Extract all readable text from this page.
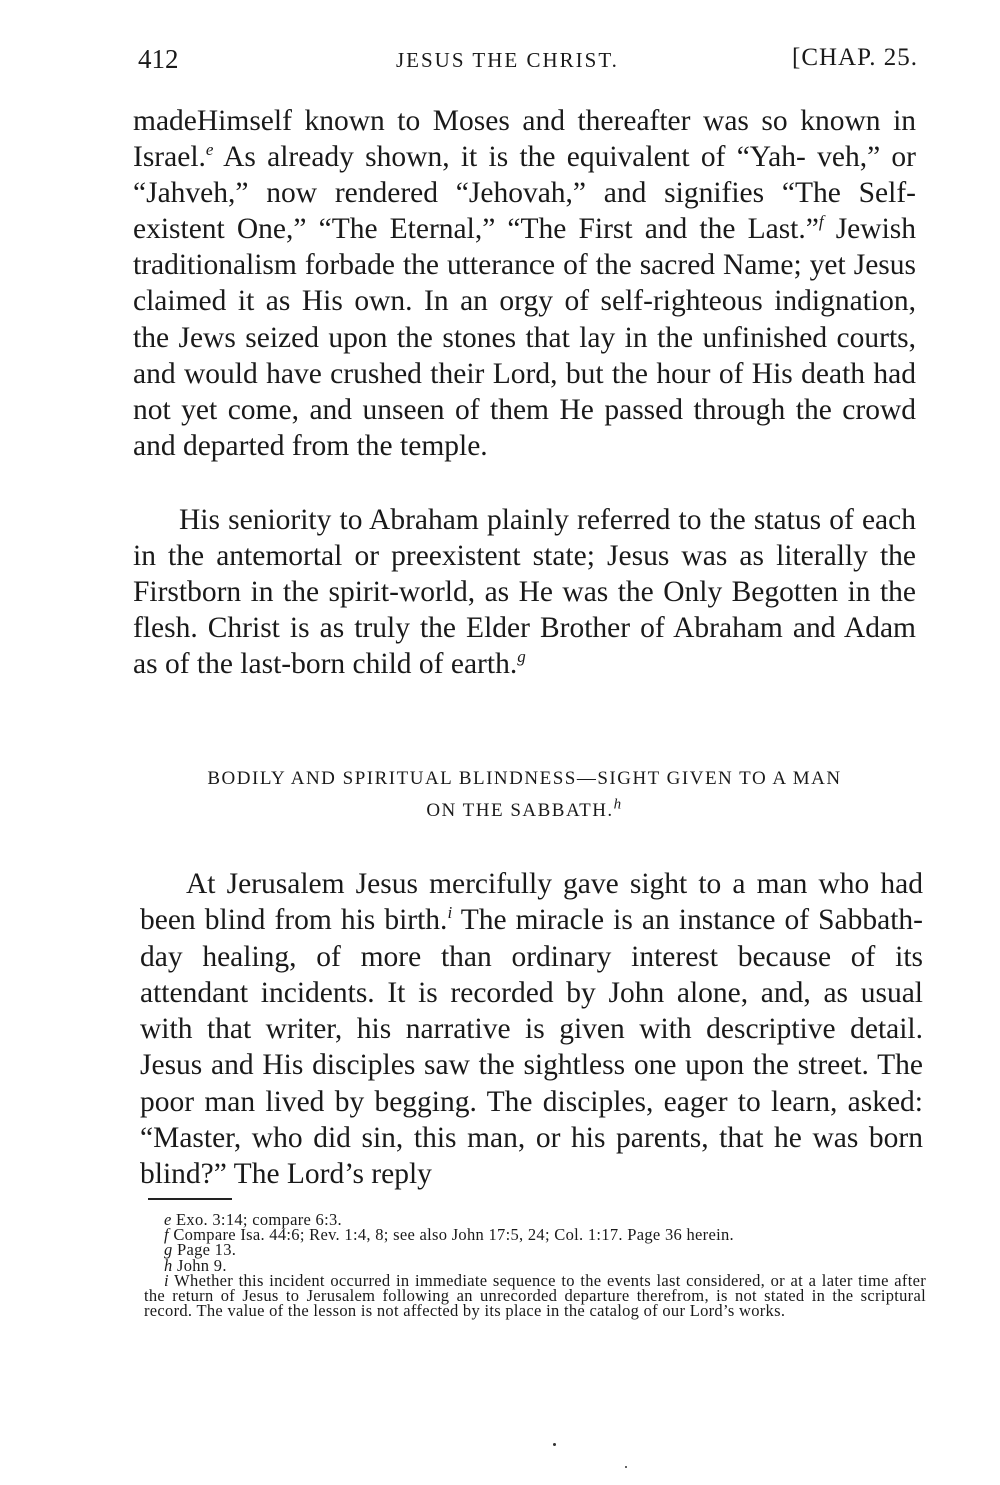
412	JESUS THE CHRIST.	[CHAP. 25.

madeHimself known to Moses and thereafter was so known in Israel.$^e$ As already shown, it is the equivalent of “Yah- veh,” or “Jahveh,” now rendered “Jehovah,” and signifies “The Self-existent One,” “The Eternal,” “The First and the Last.”$^f$ Jewish traditionalism forbade the utterance of the sacred Name; yet Jesus claimed it as His own. In an orgy of self-righteous indignation, the Jews seized upon the stones that lay in the unfinished courts, and would have crushed their Lord, but the hour of His death had not yet come, and unseen of them He passed through the crowd and departed from the temple.

His seniority to Abraham plainly referred to the status of each in the antemortal or preexistent state; Jesus was as literally the Firstborn in the spirit-world, as He was the Only Begotten in the flesh. Christ is as truly the Elder Brother of Abraham and Adam as of the last-born child of earth.$^g$

BODILY AND SPIRITUAL BLINDNESS—SIGHT GIVEN TO A MAN
ON THE SABBATH.$^h$

At Jerusalem Jesus mercifully gave sight to a man who had been blind from his birth.$^i$ The miracle is an instance of Sabbath-day healing, of more than ordinary interest because of its attendant incidents. It is recorded by John alone, and, as usual with that writer, his narrative is given with descriptive detail. Jesus and His disciples saw the sightless one upon the street. The poor man lived by begging. The disciples, eager to learn, asked: “Master, who did sin, this man, or his parents, that he was born blind?” The Lord’s reply

e Exo. 3:14; compare 6:3.

f Compare Isa. 44:6; Rev. 1:4, 8; see also John 17:5, 24; Col. 1:17. Page 36 herein.

g Page 13.

h John 9.

i Whether this incident occurred in immediate sequence to the events last considered, or at a later time after the return of Jesus to Jerusalem following an unrecorded departure therefrom, is not stated in the scriptural record. The value of the lesson is not affected by its place in the catalog of our Lord’s works.
